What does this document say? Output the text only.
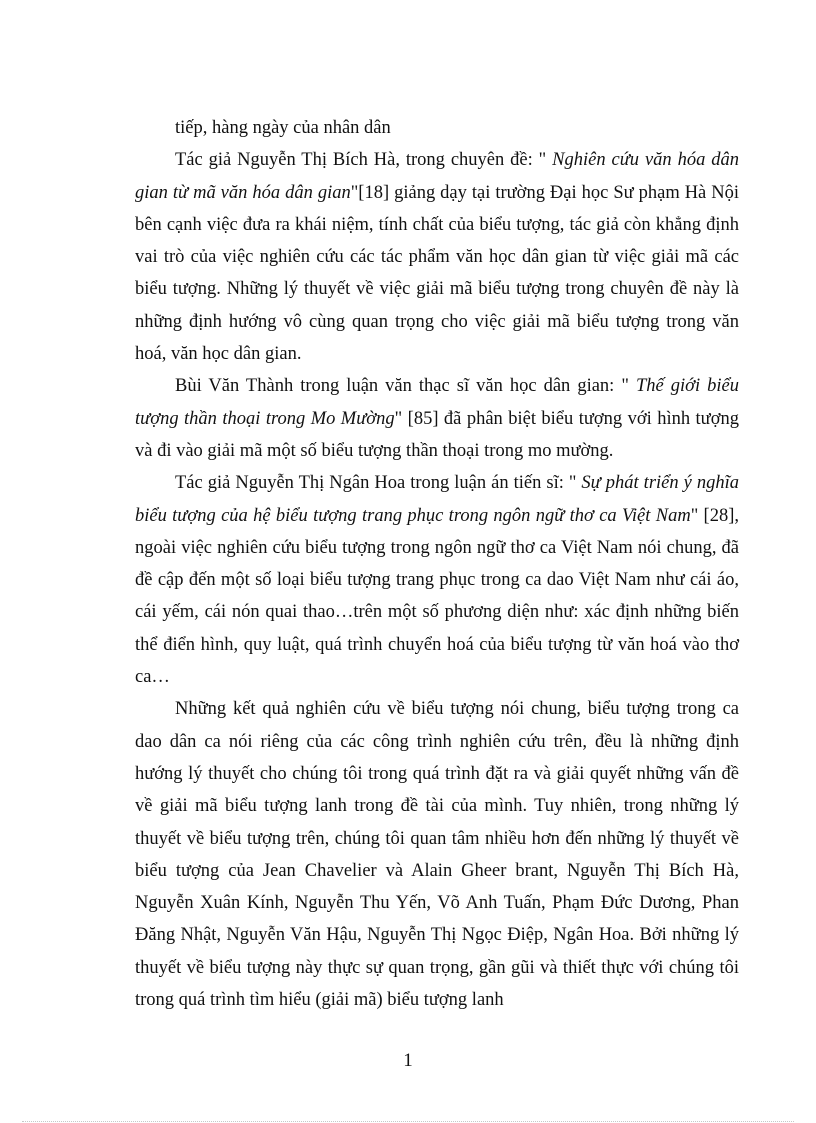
tiếp, hàng ngày của nhân dân

Tác giả Nguyễn Thị Bích Hà, trong chuyên đề: " Nghiên cứu văn hóa dân gian từ mã văn hóa dân gian"[18] giảng dạy tại trường Đại học Sư phạm Hà Nội bên cạnh việc đưa ra khái niệm, tính chất của biểu tượng, tác giả còn khẳng định vai trò của việc nghiên cứu các tác phẩm văn học dân gian từ việc giải mã các biểu tượng. Những lý thuyết về việc giải mã biểu tượng trong chuyên đề này là những định hướng vô cùng quan trọng cho việc giải mã biểu tượng trong văn hoá, văn học dân gian.

Bùi Văn Thành trong luận văn thạc sĩ văn học dân gian: " Thế giới biểu tượng thần thoại trong Mo Mường" [85] đã phân biệt biểu tượng với hình tượng và đi vào giải mã một số biểu tượng thần thoại trong mo mường.

Tác giả Nguyễn Thị Ngân Hoa trong luận án tiến sĩ: " Sự phát triển ý nghĩa biểu tượng của hệ biểu tượng trang phục trong ngôn ngữ thơ ca Việt Nam" [28], ngoài việc nghiên cứu biểu tượng trong ngôn ngữ thơ ca Việt Nam nói chung, đã đề cập đến một số loại biểu tượng trang phục trong ca dao Việt Nam như cái áo, cái yếm, cái nón quai thao…trên một số phương diện như: xác định những biến thể điển hình, quy luật, quá trình chuyển hoá của biểu tượng từ văn hoá vào thơ ca…

Những kết quả nghiên cứu về biểu tượng nói chung, biểu tượng trong ca dao dân ca nói riêng của các công trình nghiên cứu trên, đều là những định hướng lý thuyết cho chúng tôi trong quá trình đặt ra và giải quyết những vấn đề về giải mã biểu tượng lanh trong đề tài của mình. Tuy nhiên, trong những lý thuyết về biểu tượng trên, chúng tôi quan tâm nhiều hơn đến những lý thuyết về biểu tượng của Jean Chavelier và Alain Gheer brant, Nguyễn Thị Bích Hà, Nguyễn Xuân Kính, Nguyễn Thu Yến, Võ Anh Tuấn, Phạm Đức Dương, Phan Đăng Nhật, Nguyễn Văn Hậu, Nguyễn Thị Ngọc Điệp, Ngân Hoa. Bởi những lý thuyết về biểu tượng này thực sự quan trọng, gần gũi và thiết thực với chúng tôi trong quá trình tìm hiểu (giải mã) biểu tượng lanh

1
